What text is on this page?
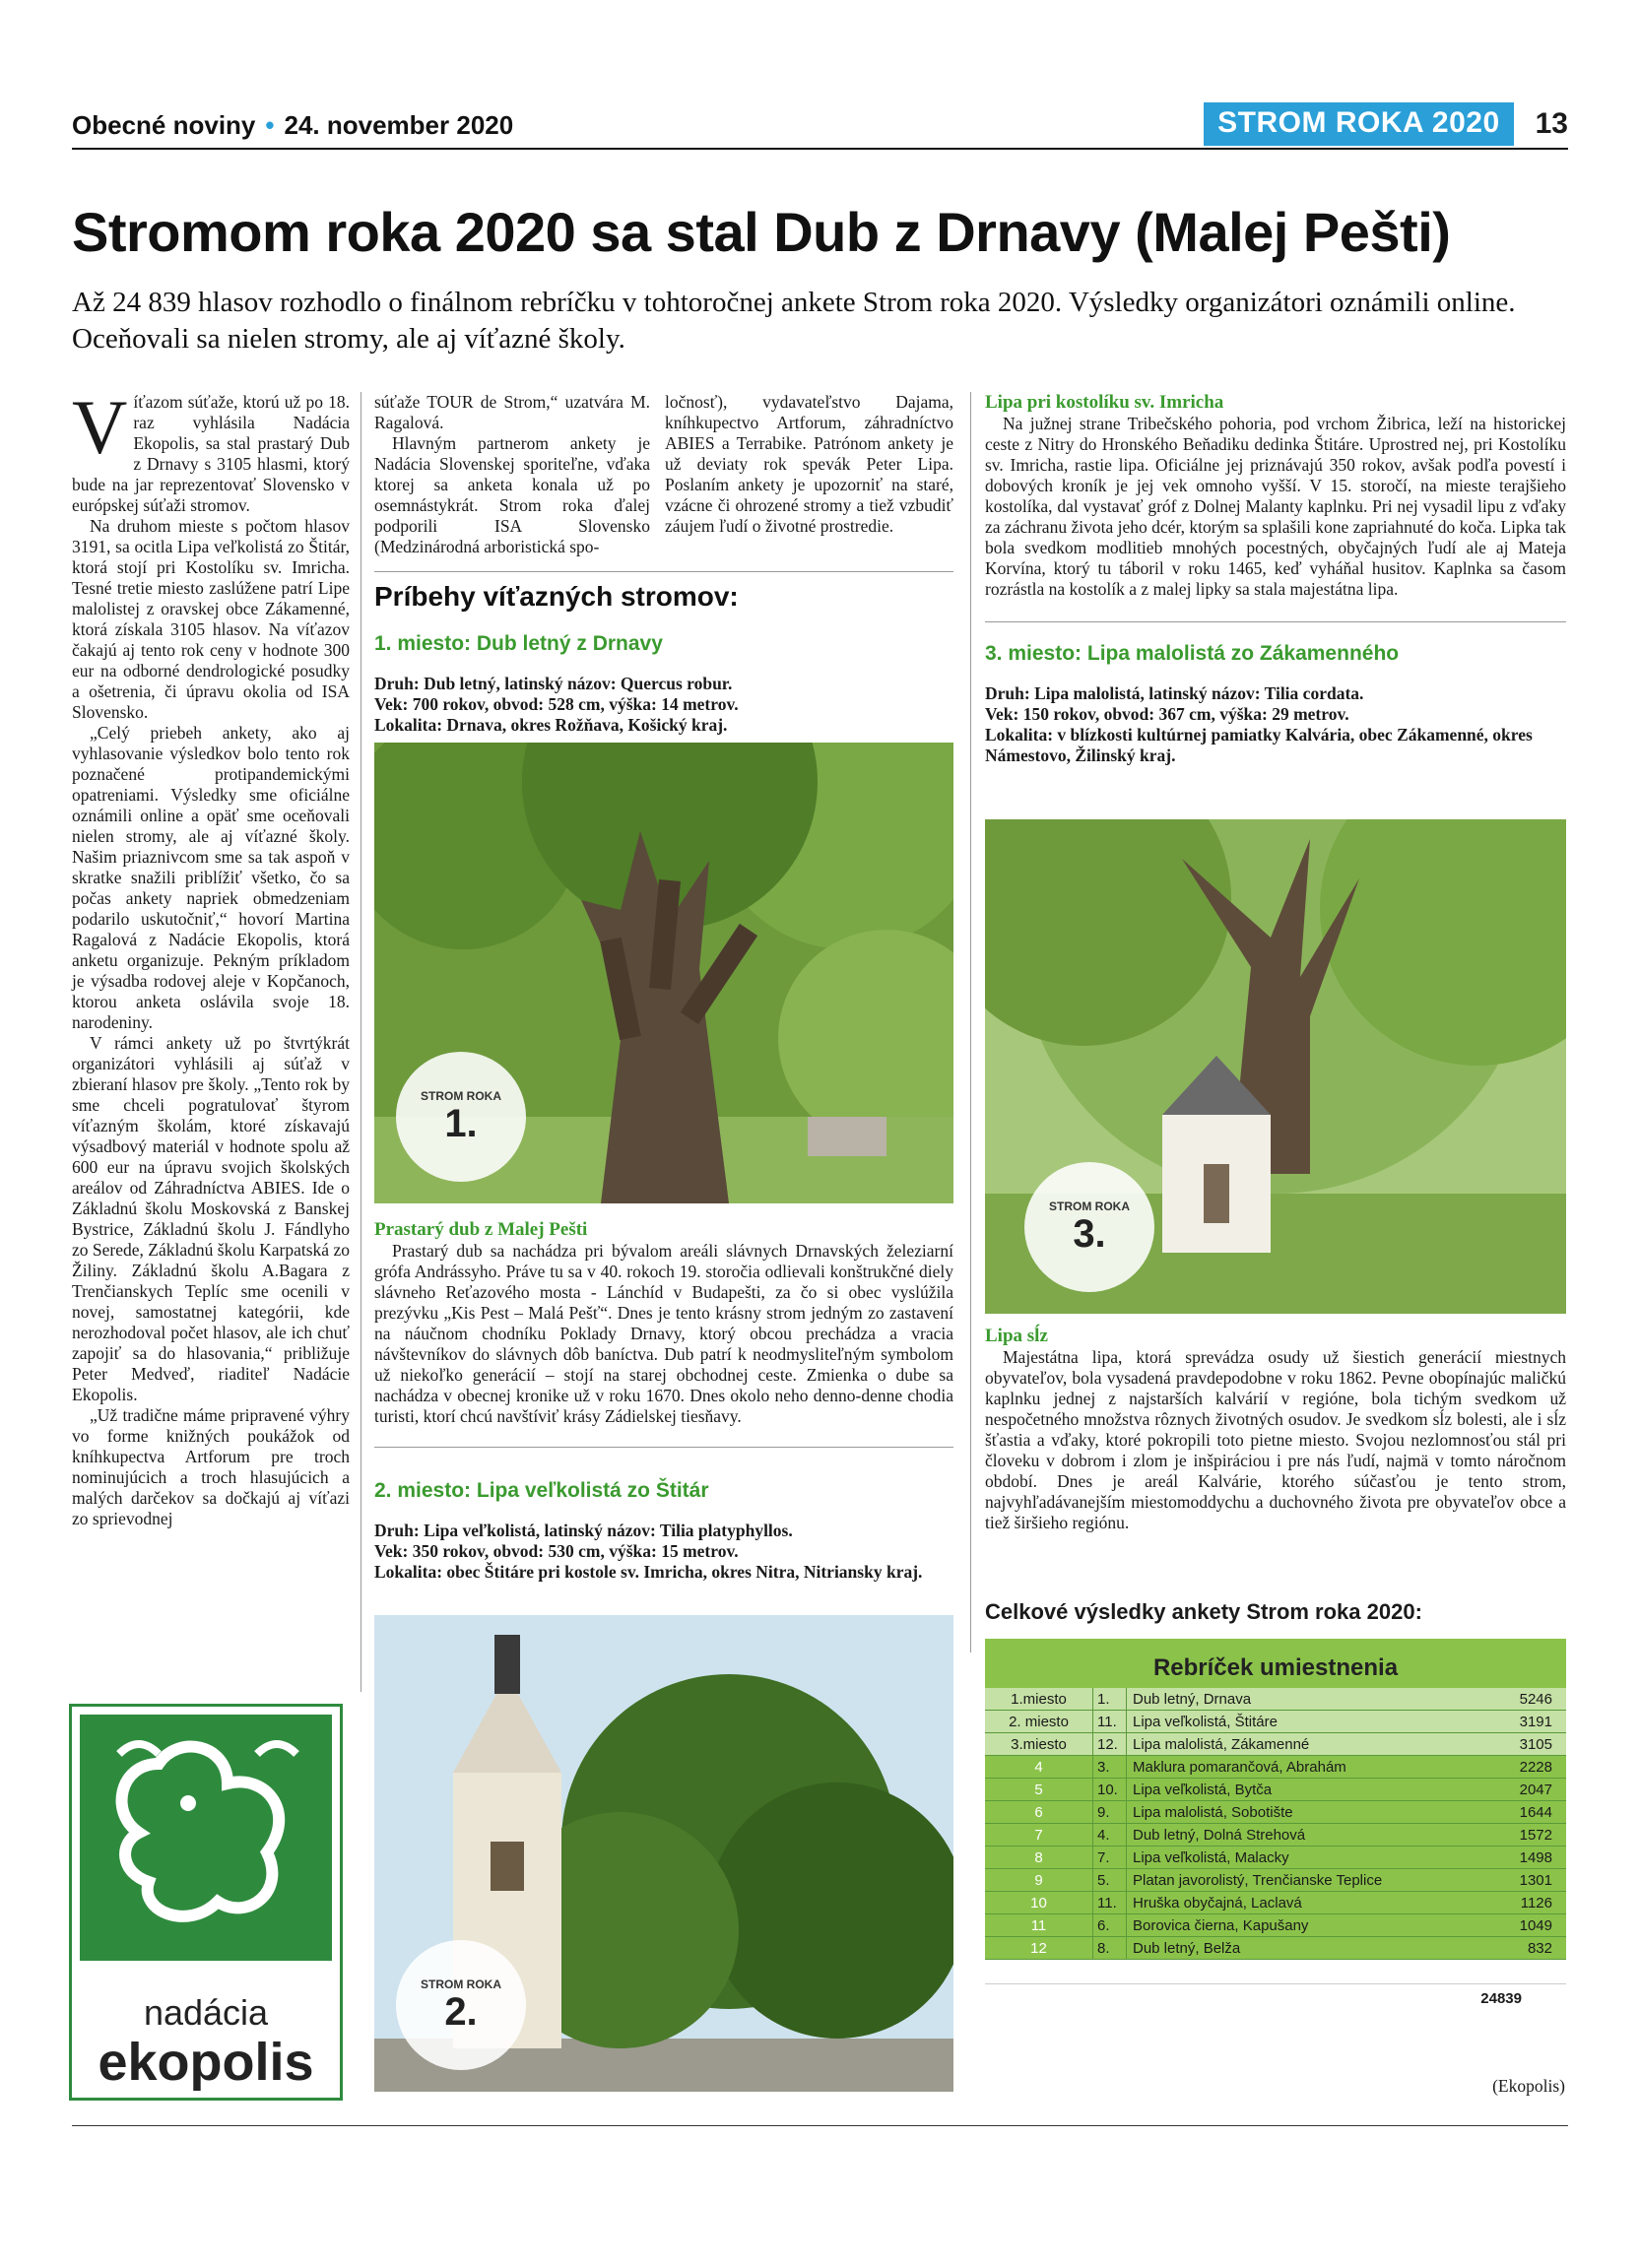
Obecné noviny • 24. november 2020	STROM ROKA 2020	13
Stromom roka 2020 sa stal Dub z Drnavy (Malej Pešti)
Až 24 839 hlasov rozhodlo o finálnom rebríčku v tohtoročnej ankete Strom roka 2020. Výsledky organizátori oznámili online. Oceňovali sa nielen stromy, ale aj víťazné školy.

Víťazom súťaže, ktorú už po 18. raz vyhlásila Nadácia Ekopolis, sa stal prastarý Dub z Drnavy s 3105 hlasmi, ktorý bude na jar reprezentovať Slovensko v európskej súťaži stromov.

Na druhom mieste s počtom hlasov 3191, sa ocitla Lipa veľkolistá zo Štitár, ktorá stojí pri Kostolíku sv. Imricha. Tesné tretie miesto zaslúžene patrí Lipe malolistej z oravskej obce Zákamenné, ktorá získala 3105 hlasov. Na víťazov čakajú aj tento rok ceny v hodnote 300 eur na odborné dendrologické posudky a ošetrenia, či úpravu okolia od ISA Slovensko.

„Celý priebeh ankety, ako aj vyhlasovanie výsledkov bolo tento rok poznačené protipandemickými opatreniami. Výsledky sme oficiálne oznámili online a opäť sme oceňovali nielen stromy, ale aj víťazné školy. Našim priaznivcom sme sa tak aspoň v skratke snažili priblížiť všetko, čo sa počas ankety napriek obmedzeniam podarilo uskutočniť,“ hovorí Martina Ragalová z Nadácie Ekopolis, ktorá anketu organizuje. Pekným príkladom je výsadba rodovej aleje v Kopčanoch, ktorou anketa oslávila svoje 18. narodeniny.

V rámci ankety už po štvrtýkrát organizátori vyhlásili aj súťaž v zbieraní hlasov pre školy. „Tento rok by sme chceli pogratulovať štyrom víťazným školám, ktoré získavajú výsadbový materiál v hodnote spolu až 600 eur na úpravu svojich školských areálov od Záhradníctva ABIES. Ide o Základnú školu Moskovská z Banskej Bystrice, Základnú školu J. Fándlyho zo Serede, Základnú školu Karpatská zo Žiliny. Základnú školu A.Bagara z Trenčianskych Teplíc sme ocenili v novej, samostatnej kategórii, kde nerozhodoval počet hlasov, ale ich chuť zapojiť sa do hlasovania,“ približuje Peter Medveď, riaditeľ Nadácie Ekopolis.

„Už tradične máme pripravené výhry vo forme knižných poukážok od kníhkupectva Artforum pre troch nominujúcich a troch hlasujúcich a malých darčekov sa dočkajú aj víťazi zo sprievodnej

súťaže TOUR de Strom,“ uzatvára M. Ragalová.

Hlavným partnerom ankety je Nadácia Slovenskej sporiteľne, vďaka ktorej sa anketa konala už po osemnástykrát. Strom roka ďalej podporili ISA Slovensko (Medzinárodná arboristická spo-

ločnosť), vydavateľstvo Dajama, kníhkupectvo Artforum, záhradníctvo ABIES a Terrabike. Patrónom ankety je už deviaty rok spevák Peter Lipa. Poslaním ankety je upozorniť na staré, vzácne či ohrozené stromy a tiež vzbudiť záujem ľudí o životné prostredie.

Príbehy víťazných stromov:
1. miesto: Dub letný z Drnavy
Druh: Dub letný, latinský názov: Quercus robur.
Vek: 700 rokov, obvod: 528 cm, výška: 14 metrov.
Lokalita: Drnava, okres Rožňava, Košický kraj.
STROM ROKA
1.
Prastarý dub z Malej Pešti

Prastarý dub sa nachádza pri bývalom areáli slávnych Drnavských železiarní grófa Andrássyho. Práve tu sa v 40. rokoch 19. storočia odlievali konštrukčné diely slávneho Reťazového mosta - Lánchíd v Budapešti, za čo si obec vyslúžila prezývku „Kis Pest – Malá Pešť“. Dnes je tento krásny strom jedným zo zastavení na náučnom chodníku Poklady Drnavy, ktorý obcou prechádza a vracia návštevníkov do slávnych dôb baníctva. Dub patrí k neodmysliteľným symbolom už niekoľko generácií – stojí na starej obchodnej ceste. Zmienka o dube sa nachádza v obecnej kronike už v roku 1670. Dnes okolo neho denno-denne chodia turisti, ktorí chcú navštíviť krásy Zádielskej tiesňavy.

2. miesto: Lipa veľkolistá zo Štitár
Druh: Lipa veľkolistá, latinský názov: Tilia platyphyllos.
Vek: 350 rokov, obvod: 530 cm, výška: 15 metrov.
Lokalita: obec Štitáre pri kostole sv. Imricha, okres Nitra, Nitriansky kraj.
STROM ROKA
2.
Lipa pri kostolíku sv. Imricha

Na južnej strane Tribečského pohoria, pod vrchom Žibrica, leží na historickej ceste z Nitry do Hronského Beňadiku dedinka Štitáre. Uprostred nej, pri Kostolíku sv. Imricha, rastie lipa. Oficiálne jej priznávajú 350 rokov, avšak podľa povestí i dobových kroník je jej vek omnoho vyšší. V 15. storočí, na mieste terajšieho kostolíka, dal vystavať gróf z Dolnej Malanty kaplnku. Pri nej vysadil lipu z vďaky za záchranu života jeho dcér, ktorým sa splašili kone zapriahnuté do koča. Lipka tak bola svedkom modlitieb mnohých pocestných, obyčajných ľudí ale aj Mateja Korvína, ktorý tu táboril v roku 1465, keď vyháňal husitov. Kaplnka sa časom rozrástla na kostolík a z malej lipky sa stala majestátna lipa.

3. miesto: Lipa malolistá zo Zákamenného
Druh: Lipa malolistá, latinský názov: Tilia cordata.
Vek: 150 rokov, obvod: 367 cm, výška: 29 metrov.
Lokalita: v blízkosti kultúrnej pamiatky Kalvária, obec Zákamenné, okres Námestovo, Žilinský kraj.
STROM ROKA
3.
Lipa sĺz

Majestátna lipa, ktorá sprevádza osudy už šiestich generácií miestnych obyvateľov, bola vysadená pravdepodobne v roku 1862. Pevne obopínajúc maličkú kaplnku jednej z najstarších kalvárií v regióne, bola tichým svedkom už nespočetného množstva rôznych životných osudov. Je svedkom sĺz bolesti, ale i sĺz šťastia a vďaky, ktoré pokropili toto pietne miesto. Svojou nezlomnosťou stál pri človeku v dobrom i zlom je inšpiráciou i pre nás ľudí, najmä v tomto náročnom období. Dnes je areál Kalvárie, ktorého súčasťou je tento strom, najvyhľadávanejším miestomoddychu a duchovného života pre obyvateľov obce a tiež širšieho regiónu.

Celkové výsledky ankety Strom roka 2020:
Rebríček umiestnenia
1.miesto	1.	Dub letný, Drnava	5246
2. miesto	11.	Lipa veľkolistá, Štitáre	3191
3.miesto	12.	Lipa malolistá, Zákamenné	3105
4	3.	Maklura pomarančová, Abrahám	2228
5	10.	Lipa veľkolistá, Bytča	2047
6	9.	Lipa malolistá, Sobotište	1644
7	4.	Dub letný, Dolná Strehová	1572
8	7.	Lipa veľkolistá, Malacky	1498
9	5.	Platan javorolistý, Trenčianske Teplice	1301
10	11.	Hruška obyčajná, Laclavá	1126
11	6.	Borovica čierna, Kapušany	1049
12	8.	Dub letný, Belža	832
24839
(Ekopolis)
nadácia
ekopolis
